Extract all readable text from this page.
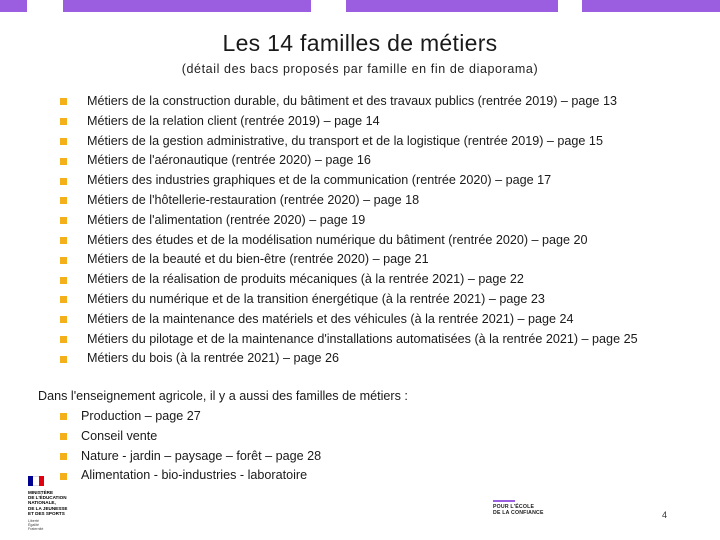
Les 14 familles de métiers
(détail des bacs proposés par famille en fin de diaporama)
Métiers de la construction durable, du bâtiment et des travaux publics (rentrée 2019) – page 13
Métiers de la relation client (rentrée 2019) – page 14
Métiers de la gestion administrative, du transport et de la logistique (rentrée 2019) – page 15
Métiers de l'aéronautique (rentrée 2020) – page 16
Métiers des industries graphiques et de la communication (rentrée 2020) – page 17
Métiers de l'hôtellerie-restauration (rentrée 2020) – page 18
Métiers de l'alimentation (rentrée 2020) – page 19
Métiers des études et de la modélisation numérique du bâtiment (rentrée 2020) – page 20
Métiers de la beauté et du bien-être (rentrée 2020) – page 21
Métiers de la réalisation de produits mécaniques (à la rentrée 2021) – page 22
Métiers du numérique et de la transition énergétique (à la rentrée 2021) – page 23
Métiers de la maintenance des matériels et des véhicules (à la rentrée 2021) – page 24
Métiers du pilotage et de la maintenance d'installations automatisées (à la rentrée 2021) – page 25
Métiers du bois (à la rentrée 2021) – page 26
Dans l'enseignement agricole, il y a aussi des familles de métiers :
Production – page 27
Conseil vente
Nature - jardin – paysage – forêt – page 28
Alimentation - bio-industries - laboratoire
MINISTÈRE
DE L'ÉDUCATION
NATIONALE,
DE LA JEUNESSE
ET DES SPORTS
Liberté
Égalité
Fraternité
POUR L'ÉCOLE
DE LA CONFIANCE	4
